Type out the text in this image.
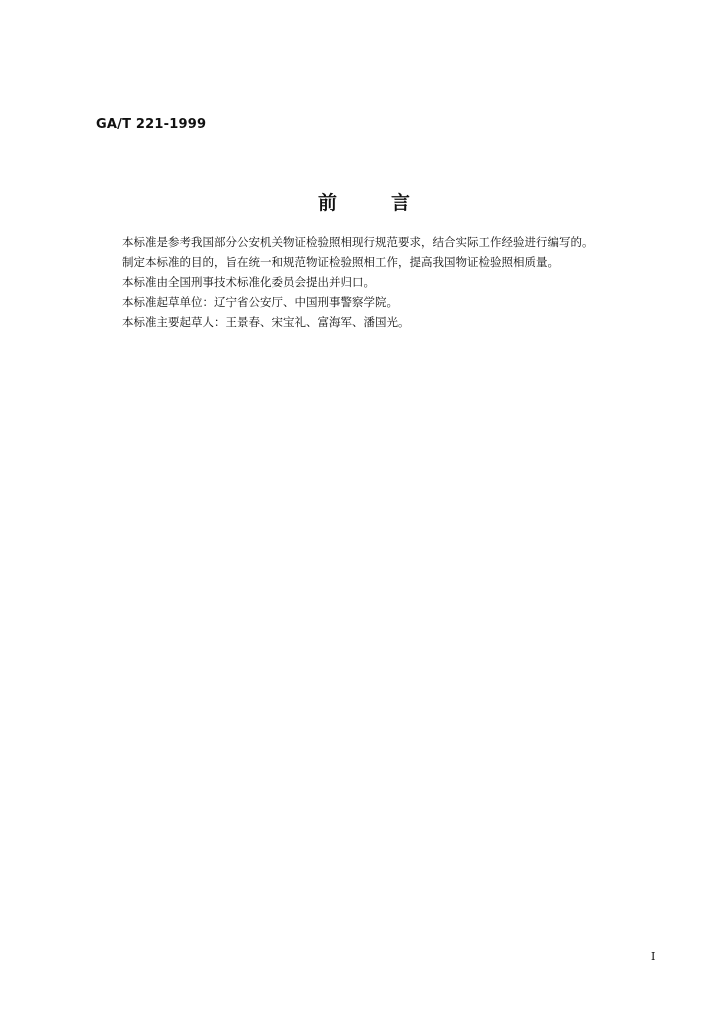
GA/T 221-1999
前	言

本标准是参考我国部分公安机关物证检验照相现行规范要求，结合实际工作经验进行编写的。

制定本标准的目的，旨在统一和规范物证检验照相工作，提高我国物证检验照相质量。

本标准由全国刑事技术标准化委员会提出并归口。

本标准起草单位：辽宁省公安厅、中国刑事警察学院。

本标准主要起草人：王景春、宋宝礼、富海军、潘国光。

I
